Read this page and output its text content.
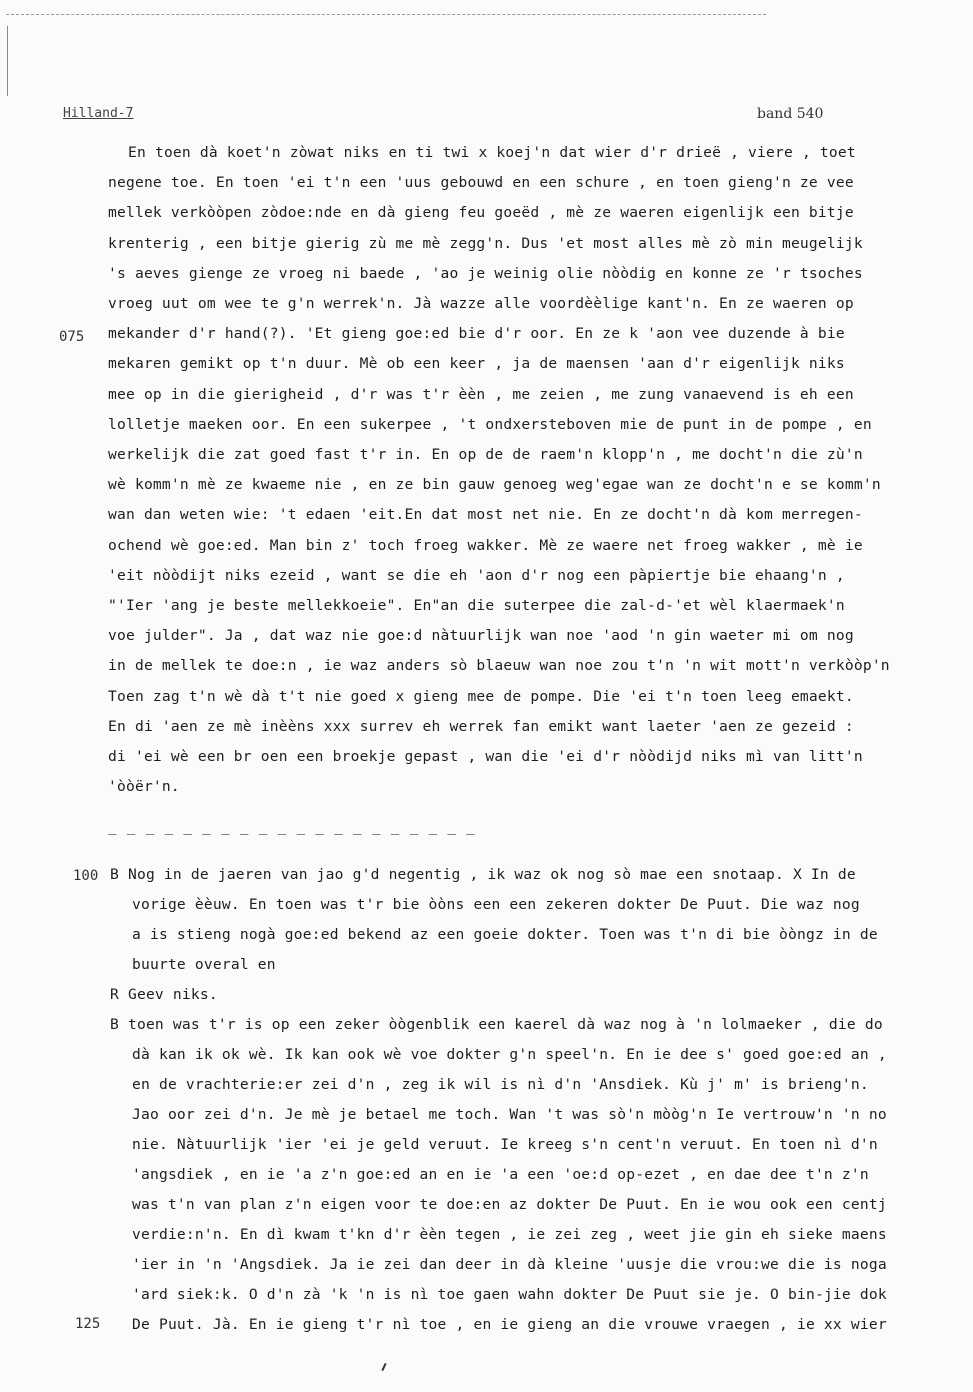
Hilland-7	band 540
En toen dà koet'n zòwat niks en ti twi x koej'n dat wier d'r drieë , viere , toet
negene toe. En toen 'ei t'n een 'uus gebouwd en een schure , en toen gieng'n ze vee
mellek verkòòpen zòdoe:nde en dà gieng feu goeëd , mè ze waeren eigenlijk een bitje
krenterig , een bitje gierig zù me mè zegg'n. Dus 'et most alles mè zò min meugelijk
's aeves gienge ze vroeg ni baede , 'ao je weinig olie nòòdig en konne ze 'r tsoches
vroeg uut om wee te g'n werrek'n. Jà wazze alle voordèèlige kant'n. En ze waeren op
mekander d'r hand(?). 'Et gieng goe:ed bie d'r oor. En ze k 'aon vee duzende à bie
mekaren gemikt op t'n duur. Mè ob een keer , ja de maensen 'aan d'r eigenlijk niks
mee op in die gierigheid , d'r was t'r èèn , me zeien , me zung vanaevend is eh een
lolletje maeken oor. En een sukerpee , 't ondxersteboven mie de punt in de pompe , en
werkelijk die zat goed fast t'r in. En op de de raem'n klopp'n , me docht'n die zù'n
wè komm'n mè ze kwaeme nie , en ze bin gauw genoeg weg'egae wan ze docht'n e se komm'n
wan dan weten wie: 't edaen 'eit.En dat most net nie. En ze docht'n dà kom merregen-
ochend wè goe:ed. Man bin z' toch froeg wakker. Mè ze waere net froeg wakker , mè ie
'eit nòòdijt niks ezeid , want se die eh 'aon d'r nog een pàpiertje bie ehaang'n ,
"'Ier 'ang je beste mellekkoeie". En"an die suterpee die zal-d-'et wèl klaermaek'n
voe julder". Ja , dat waz nie goe:d nàtuurlijk wan noe 'aod 'n gin waeter mi om nog
in de mellek te doe:n , ie waz anders sò blaeuw wan noe zou t'n 'n wit mott'n verkòòp'n
Toen zag t'n wè dà t't nie goed x gieng mee de pompe. Die 'ei t'n toen leeg emaekt.
En di 'aen ze mè inèèns xxx surrev eh werrek fan emikt want laeter 'aen ze gezeid :
di 'ei wè een br oen een broekje gepast , wan die 'ei d'r nòòdijd niks mì van litt'n
'òòër'n.
075
_ _ _ _ _ _ _ _ _ _ _ _ _ _ _ _ _ _ _ _
B Nog in de jaeren van jao g'd negentig , ik waz ok nog sò mae een snotaap. X In de
vorige èèuw. En toen was t'r bie òòns een een zekeren dokter De Puut. Die waz nog
a is stieng nogà goe:ed bekend az een goeie dokter. Toen was t'n di bie òòngz in de
buurte overal en
R Geev niks.
B toen was t'r is op een zeker òògenblik een kaerel dà waz nog à 'n lolmaeker , die do
dà kan ik ok wè. Ik kan ook wè voe dokter g'n speel'n. En ie dee s' goed goe:ed an ,
en de vrachterie:er zei d'n , zeg ik wil is nì d'n 'Ansdiek. Kù j' m' is brieng'n.
Jao oor zei d'n. Je mè je betael me toch. Wan 't was sò'n mòòg'n Ie vertrouw'n 'n no
nie. Nàtuurlijk 'ier 'ei je geld veruut. Ie kreeg s'n cent'n veruut. En toen nì d'n
'angsdiek , en ie 'a z'n goe:ed an en ie 'a een 'oe:d op-ezet , en dae dee t'n z'n
was t'n van plan z'n eigen voor te doe:en az dokter De Puut. En ie wou ook een centj
verdie:n'n. En dì kwam t'kn d'r èèn tegen , ie zei zeg , weet jie gin eh sieke maens
'ier in 'n 'Angsdiek. Ja ie zei dan deer in dà kleine 'uusje die vrou:we die is noga
'ard siek:k. O d'n zà 'k 'n is nì toe gaen wahn dokter De Puut sie je. O bin-jie dok
De Puut. Jà. En ie gieng t'r nì toe , en ie gieng an die vrouwe vraegen , ie xx wier
100
125
